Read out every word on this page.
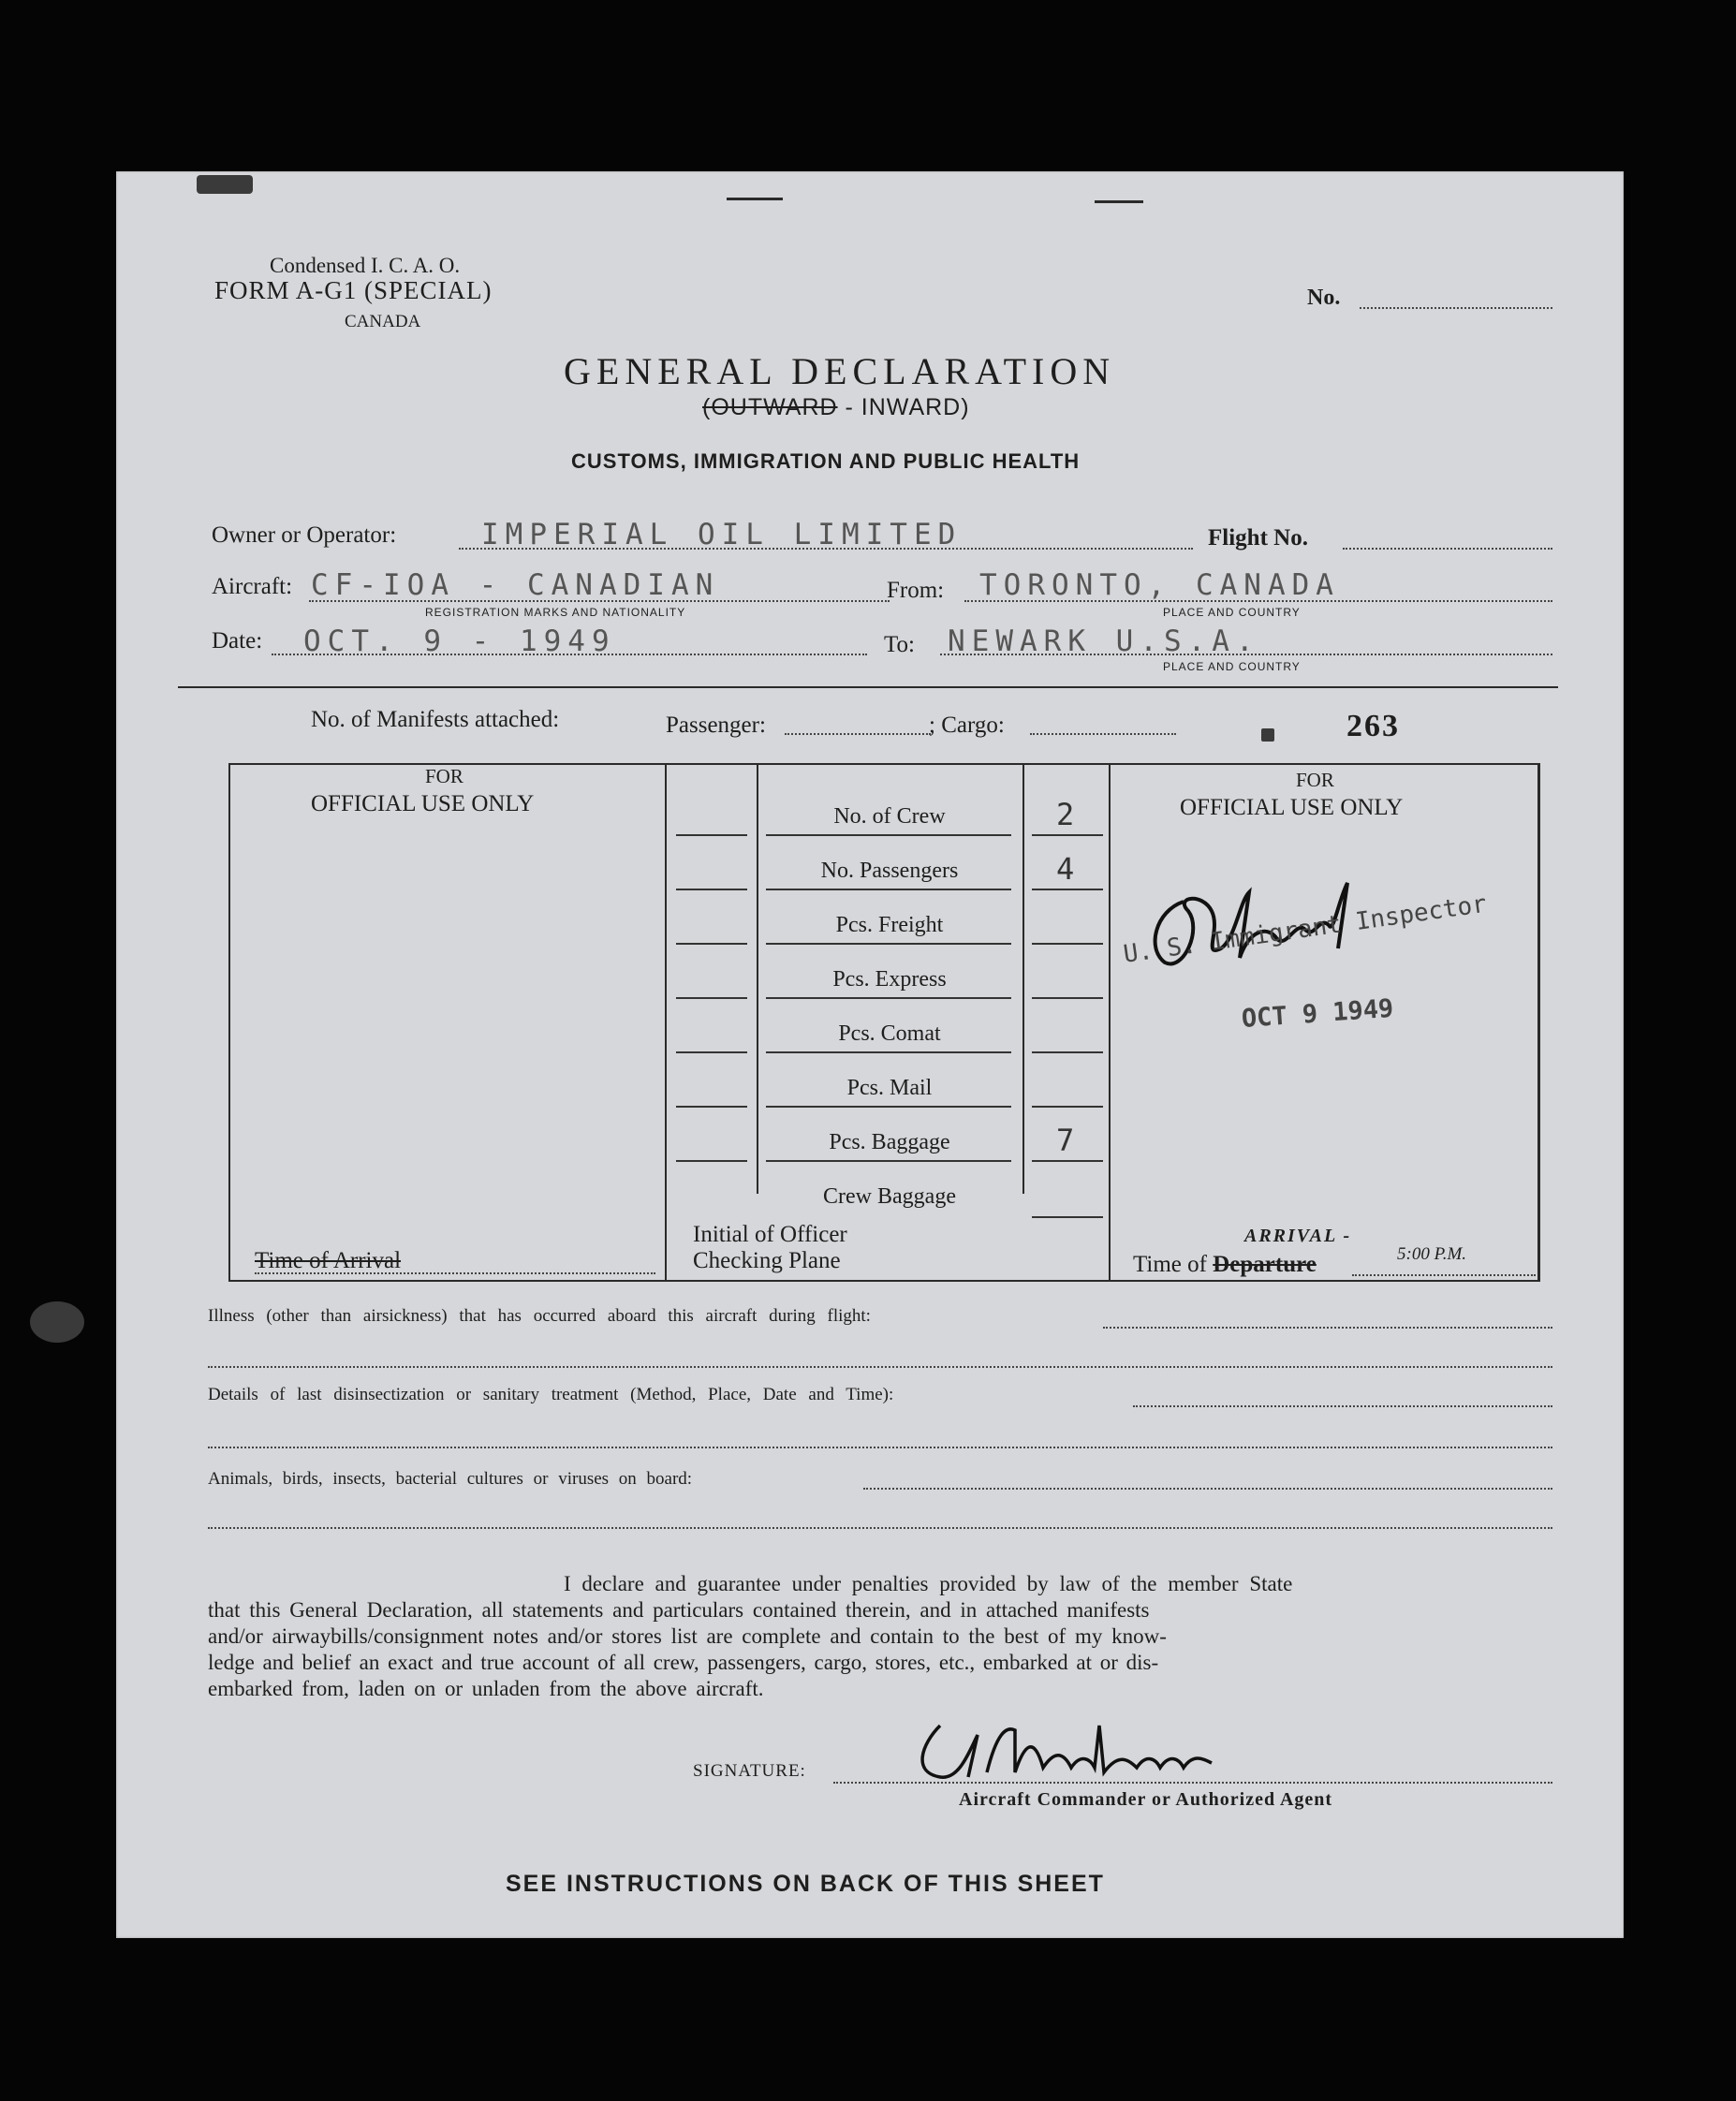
Condensed I. C. A. O.
FORM A-G1 (SPECIAL)
CANADA
No.
GENERAL DECLARATION
(OUTWARD - INWARD)
CUSTOMS, IMMIGRATION AND PUBLIC HEALTH
Owner or Operator:	IMPERIAL OIL LIMITED	Flight No.
Aircraft: CF-IOA - CANADIAN
REGISTRATION MARKS AND NATIONALITY
From: TORONTO, CANADA
PLACE AND COUNTRY
Date: OCT. 9 - 1949	To: NEWARK U.S.A.
PLACE AND COUNTRY
No. of Manifests attached:	Passenger:	; Cargo:	263
FOR
OFFICIAL USE ONLY
Time of Arrival
No. of Crew	2
No. Passengers	4
Pcs. Freight
Pcs. Express
Pcs. Comat
Pcs. Mail
Pcs. Baggage	7
Crew Baggage
Initial of Officer
Checking Plane
FOR
OFFICIAL USE ONLY
U. S. Immigrant Inspector
OCT 9 1949
ARRIVAL -
Time of Departure	5:00 P.M.
Illness (other than airsickness) that has occurred aboard this aircraft during flight:
Details of last disinsectization or sanitary treatment (Method, Place, Date and Time):
Animals, birds, insects, bacterial cultures or viruses on board:
I declare and guarantee under penalties provided by law of the member State
that this General Declaration, all statements and particulars contained therein, and in attached manifests
and/or airwaybills/consignment notes and/or stores list are complete and contain to the best of my know-
ledge and belief an exact and true account of all crew, passengers, cargo, stores, etc., embarked at or dis-
embarked from, laden on or unladen from the above aircraft.
SIGNATURE:
Aircraft Commander or Authorized Agent
SEE INSTRUCTIONS ON BACK OF THIS SHEET
